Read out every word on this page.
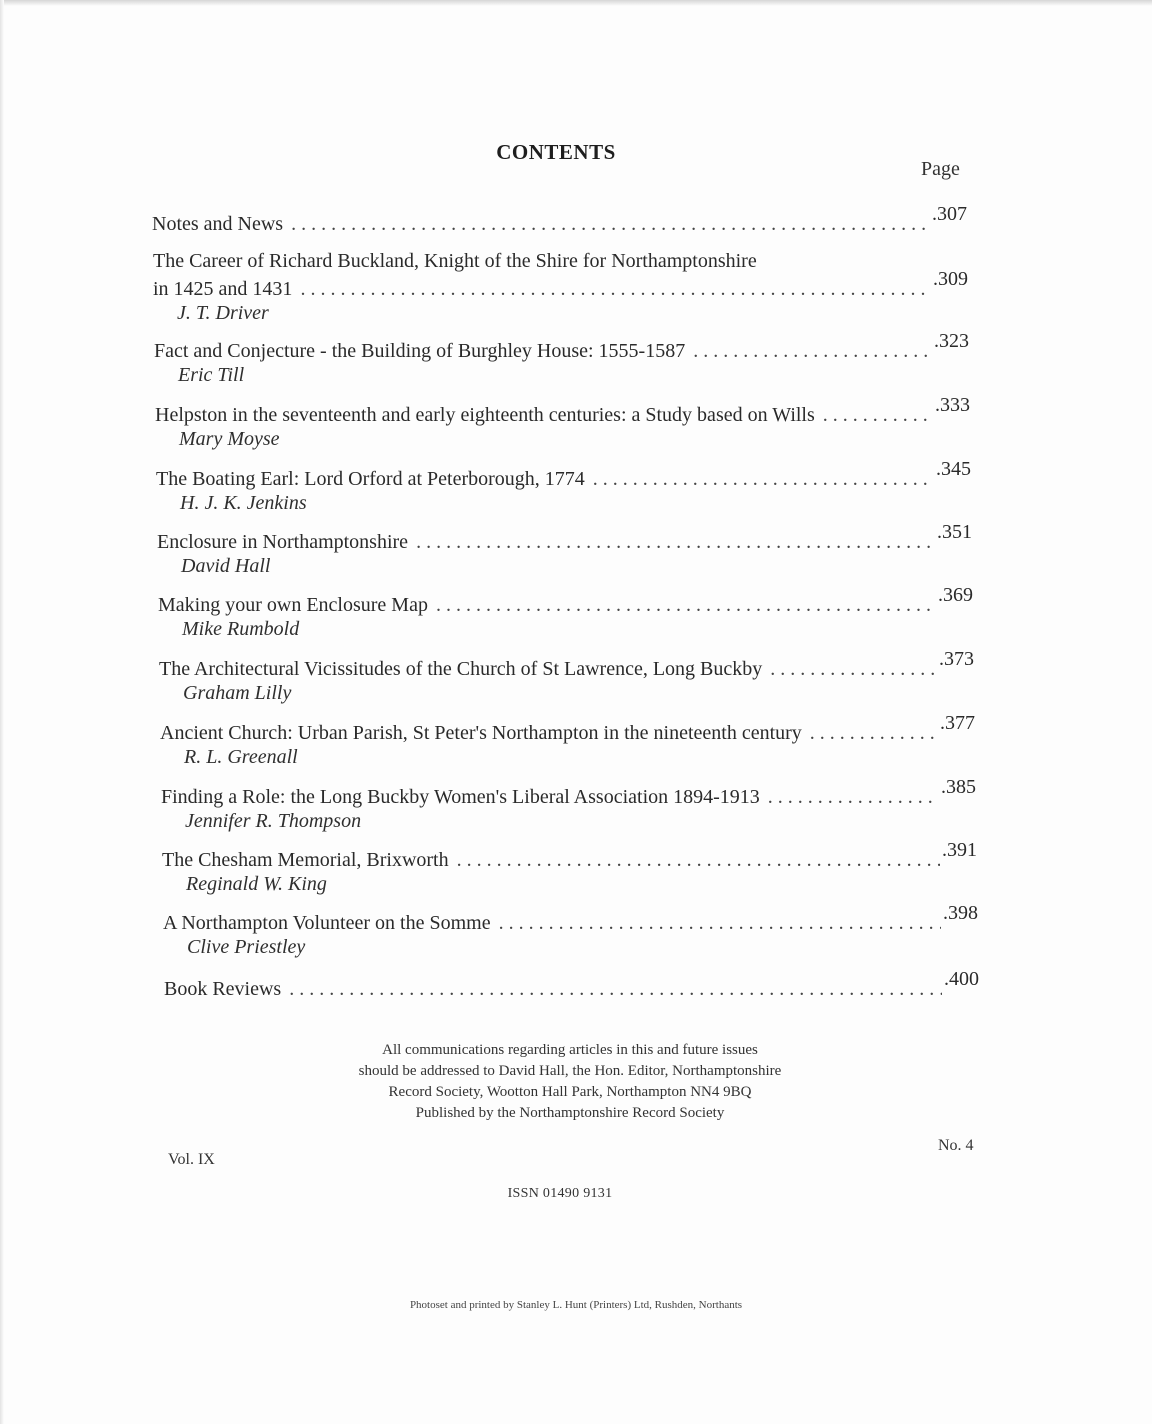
CONTENTS
Page
Notes and News . . .	.307
The Career of Richard Buckland, Knight of the Shire for Northamptonshire
in 1425 and 1431 . . .	.309
J. T. Driver
Fact and Conjecture - the Building of Burghley House: 1555-1587 . . .	.323
Eric Till
Helpston in the seventeenth and early eighteenth centuries: a Study based on Wills . . .	.333
Mary Moyse
The Boating Earl: Lord Orford at Peterborough, 1774 . . .	.345
H. J. K. Jenkins
Enclosure in Northamptonshire . . .	.351
David Hall
Making your own Enclosure Map . . .	.369
Mike Rumbold
The Architectural Vicissitudes of the Church of St Lawrence, Long Buckby . . .	.373
Graham Lilly
Ancient Church: Urban Parish, St Peter's Northampton in the nineteenth century . . .	.377
R. L. Greenall
Finding a Role: the Long Buckby Women's Liberal Association 1894-1913 . . .	.385
Jennifer R. Thompson
The Chesham Memorial, Brixworth . . .	.391
Reginald W. King
A Northampton Volunteer on the Somme . . .	.398
Clive Priestley
Book Reviews . . .	.400
All communications regarding articles in this and future issues
should be addressed to David Hall, the Hon. Editor, Northamptonshire
Record Society, Wootton Hall Park, Northampton NN4 9BQ
Published by the Northamptonshire Record Society
Vol. IX
No. 4
ISSN 01490 9131
Photoset and printed by Stanley L. Hunt (Printers) Ltd, Rushden, Northants
